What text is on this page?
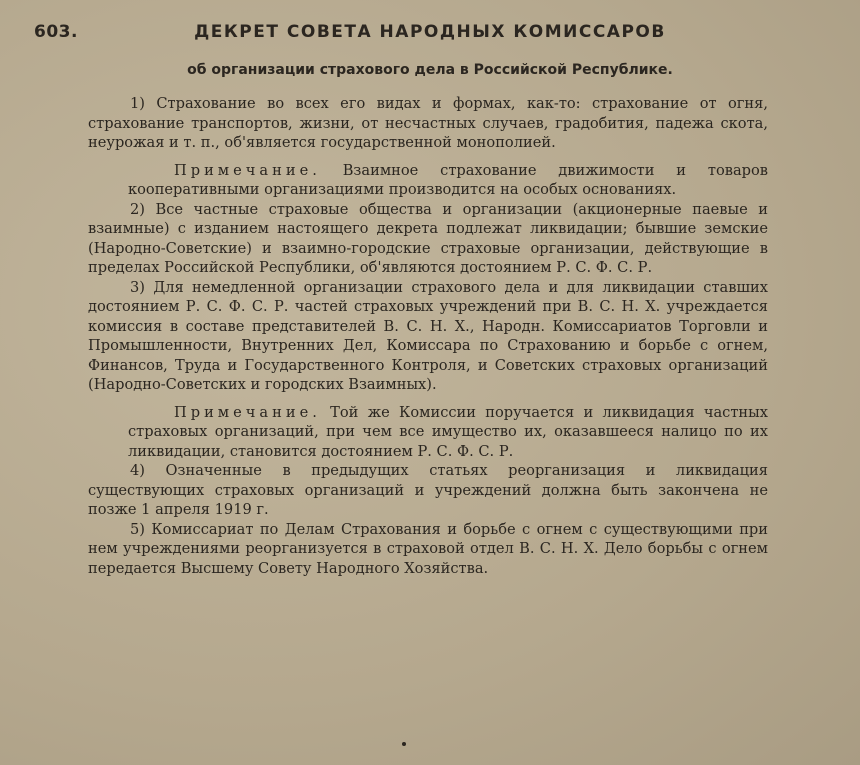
603.	ДЕКРЕТ СОВЕТА НАРОДНЫХ КОМИССАРОВ
об организации страхового дела в Российской Республике.

1) Страхование во всех его видах и формах, как-то: страхование от огня, страхование транспортов, жизни, от несчастных случаев, градобития, падежа скота, неурожая и т. п., об'является государственной монополией.

Примечание. Взаимное страхование движимости и товаров кооперативными организациями производится на особых основаниях.

2) Все частные страховые общества и организации (акционерные паевые и взаимные) с изданием настоящего декрета подлежат ликвидации; бывшие земские (Народно-Советские) и взаимно-городские страховые организации, действующие в пределах Российской Республики, об'являются достоянием Р. С. Ф. С. Р.

3) Для немедленной организации страхового дела и для ликвидации ставших достоянием Р. С. Ф. С. Р. частей страховых учреждений при В. С. Н. Х. учреждается комиссия в составе представителей В. С. Н. Х., Народн. Комиссариатов Торговли и Промышленности, Внутренних Дел, Комиссара по Страхованию и борьбе с огнем, Финансов, Труда и Государственного Контроля, и Советских страховых организаций (Народно-Советских и городских Взаимных).

Примечание. Той же Комиссии поручается и ликвидация частных страховых организаций, при чем все имущество их, оказавшееся налицо по их ликвидации, становится достоянием Р. С. Ф. С. Р.

4) Означенные в предыдущих статьях реорганизация и ликвидация существующих страховых организаций и учреждений должна быть закончена не позже 1 апреля 1919 г.

5) Комиссариат по Делам Страхования и борьбе с огнем с существующими при нем учреждениями реорганизуется в страховой отдел В. С. Н. Х. Дело борьбы с огнем передается Высшему Совету Народного Хозяйства.
